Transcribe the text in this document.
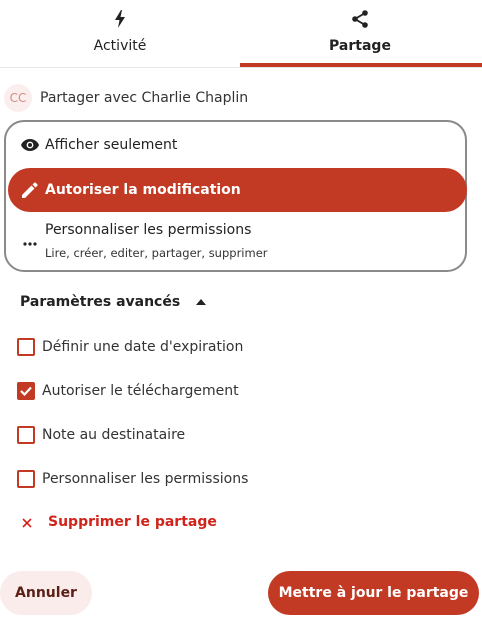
Activité	Partage
CC Partager avec Charlie Chaplin
Afficher seulement
Autoriser la modification
Personnaliser les permissions
Lire, créer, editer, partager, supprimer
Paramètres avancés
Définir une date d'expiration
Autoriser le téléchargement
Note au destinataire
Personnaliser les permissions
Supprimer le partage
Annuler	Mettre à jour le partage
